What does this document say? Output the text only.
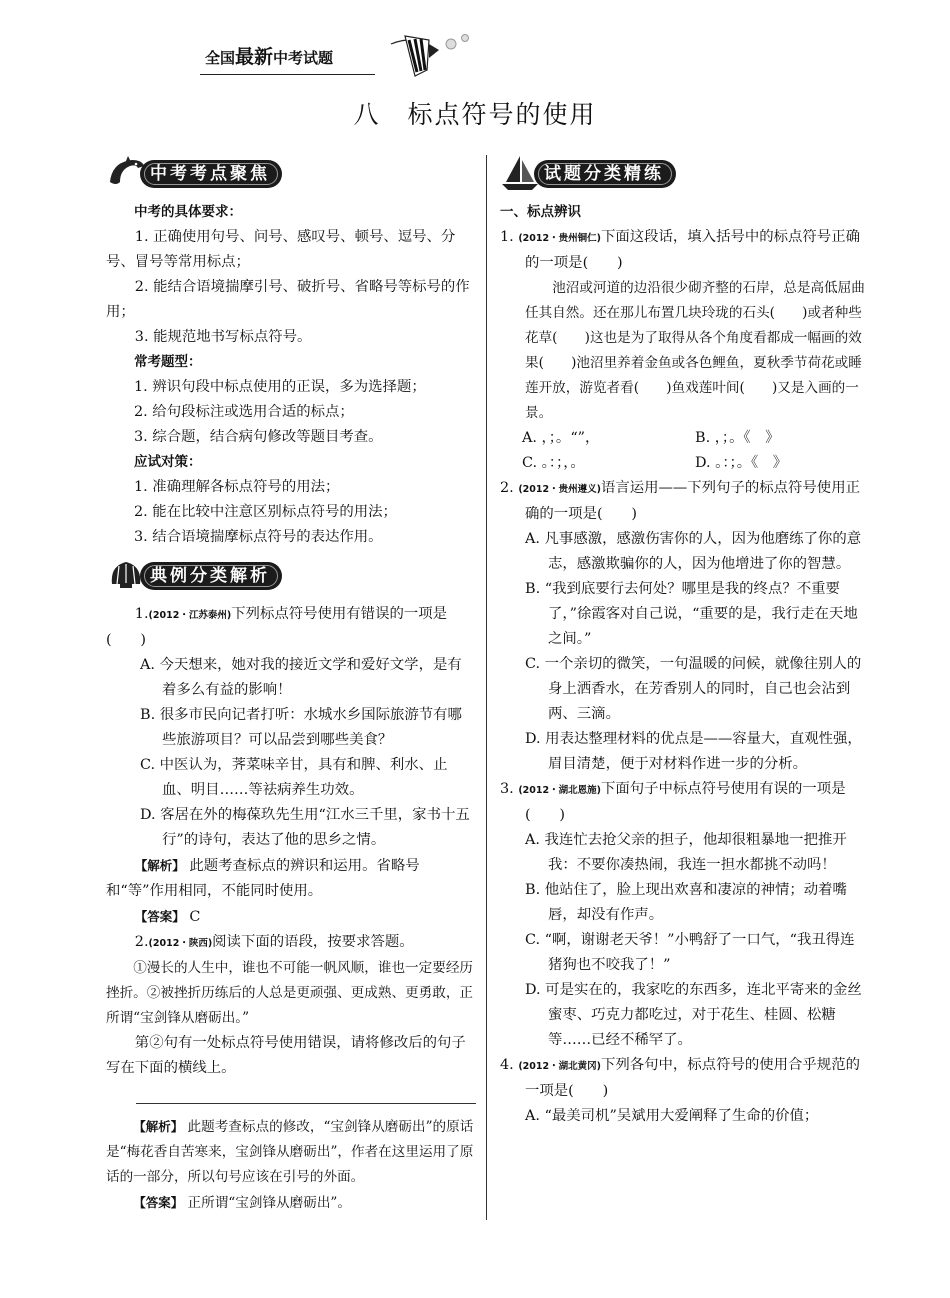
全国最新中考试题
八　标点符号的使用
中考考点聚焦

中考的具体要求：

1. 正确使用句号、问号、感叹号、顿号、逗号、分号、冒号等常用标点；

2. 能结合语境揣摩引号、破折号、省略号等标号的作用；

3. 能规范地书写标点符号。

常考题型：

1. 辨识句段中标点使用的正误，多为选择题；

2. 给句段标注或选用合适的标点；

3. 综合题，结合病句修改等题目考查。

应试对策：

1. 准确理解各标点符号的用法；

2. 能在比较中注意区别标点符号的用法；

3. 结合语境揣摩标点符号的表达作用。

典例分类解析

1.(2012・江苏泰州)下列标点符号使用有错误的一项是(　　)

A. 今天想来，她对我的接近文学和爱好文学，是有着多么有益的影响！

B. 很多市民向记者打听：水城水乡国际旅游节有哪些旅游项目？可以品尝到哪些美食？

C. 中医认为，荠菜味辛甘，具有和脾、利水、止血、明目……等祛病养生功效。

D. 客居在外的梅葆玖先生用“江水三千里，家书十五行”的诗句，表达了他的思乡之情。

【解析】 此题考查标点的辨识和运用。省略号和“等”作用相同，不能同时使用。

【答案】 C

2.(2012・陕西)阅读下面的语段，按要求答题。

①漫长的人生中，谁也不可能一帆风顺，谁也一定要经历挫折。②被挫折历练后的人总是更顽强、更成熟、更勇敢，正所谓“宝剑锋从磨砺出。”

第②句有一处标点符号使用错误，请将修改后的句子写在下面的横线上。

【解析】 此题考查标点的修改，“宝剑锋从磨砺出”的原话是“梅花香自苦寒来，宝剑锋从磨砺出”，作者在这里运用了原话的一部分，所以句号应该在引号的外面。

【答案】 正所谓“宝剑锋从磨砺出”。

试题分类精练

一、标点辨识

1. (2012・贵州铜仁)下面这段话，填入括号中的标点符号正确的一项是(　　)

池沼或河道的边沿很少砌齐整的石岸，总是高低屈曲任其自然。还在那儿布置几块玲珑的石头(　　)或者种些花草(　　)这也是为了取得从各个角度看都成一幅画的效果(　　)池沼里养着金鱼或各色鲤鱼，夏秋季节荷花或睡莲开放，游览者看(　　)鱼戏莲叶间(　　)又是入画的一景。

A. ，；。“”，	B. ，；。《　》
C. 。：；，。	D. 。：；。《　》

2. (2012・贵州遵义)语言运用——下列句子的标点符号使用正确的一项是(　　)

A. 凡事感激，感激伤害你的人，因为他磨练了你的意志，感激欺骗你的人，因为他增进了你的智慧。

B. “我到底要行去何处？哪里是我的终点？不重要了，”徐霞客对自己说，“重要的是，我行走在天地之间。”

C. 一个亲切的微笑，一句温暖的问候，就像往别人的身上洒香水，在芳香别人的同时，自己也会沾到两、三滴。

D. 用表达整理材料的优点是——容量大，直观性强，眉目清楚，便于对材料作进一步的分析。

3. (2012・湖北恩施)下面句子中标点符号使用有误的一项是(　　)

A. 我连忙去抢父亲的担子，他却很粗暴地一把推开我：不要你凑热闹，我连一担水都挑不动吗！

B. 他站住了，脸上现出欢喜和凄凉的神情；动着嘴唇，却没有作声。

C. “啊，谢谢老天爷！”小鸭舒了一口气，“我丑得连猪狗也不咬我了！”

D. 可是实在的，我家吃的东西多，连北平寄来的金丝蜜枣、巧克力都吃过，对于花生、桂圆、松糖等……已经不稀罕了。

4. (2012・湖北黄冈)下列各句中，标点符号的使用合乎规范的一项是(　　)

A. “最美司机”吴斌用大爱阐释了生命的价值；
